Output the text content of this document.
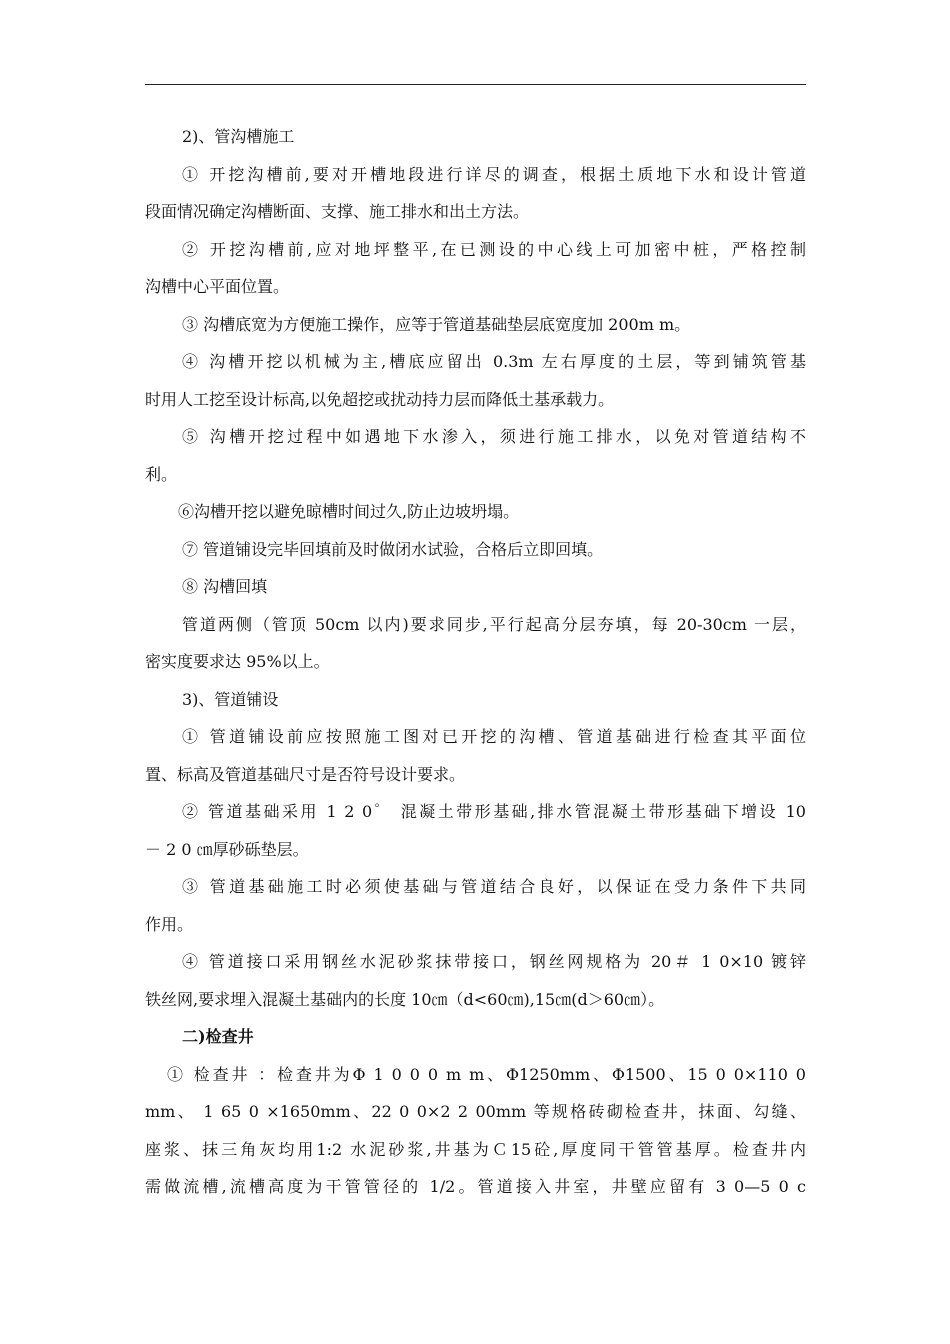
2)、管沟槽施工
① 开挖沟槽前,要对开槽地段进行详尽的调查，根据土质地下水和设计管道
段面情况确定沟槽断面、支撑、施工排水和出土方法。
② 开挖沟槽前,应对地坪整平,在已测设的中心线上可加密中桩，严格控制
沟槽中心平面位置。
③ 沟槽底宽为方便施工操作，应等于管道基础垫层底宽度加 200m m。
④ 沟槽开挖以机械为主,槽底应留出 0.3m 左右厚度的土层，等到铺筑管基
时用人工挖至设计标高,以免超挖或扰动持力层而降低土基承载力。
⑤ 沟槽开挖过程中如遇地下水渗入，须进行施工排水，以免对管道结构不
利。
⑥沟槽开挖以避免晾槽时间过久,防止边坡坍塌。
⑦ 管道铺设完毕回填前及时做闭水试验，合格后立即回填。
⑧ 沟槽回填
管道两侧（管顶 50cm 以内)要求同步,平行起高分层夯填，每 20-30cm 一层，
密实度要求达 95%以上。
3)、管道铺设
① 管道铺设前应按照施工图对已开挖的沟槽、管道基础进行检查其平面位
置、标高及管道基础尺寸是否符号设计要求。
② 管道基础采用 1 2 0゜ 混凝土带形基础,排水管混凝土带形基础下增设 10
－ 2 0 ㎝厚砂砾垫层。
③ 管道基础施工时必须使基础与管道结合良好，以保证在受力条件下共同
作用。
④ 管道接口采用钢丝水泥砂浆抹带接口，钢丝网规格为 20＃ 1 0×10 镀锌
铁丝网,要求埋入混凝土基础内的长度 10㎝（d<60㎝),15㎝(d＞60㎝）。
二)检查井
① 检查井 ：检查井为Φ 1 0 0 0 m m、Φ1250mm、Φ1500、15 0 0×110 0
mm、 1 65 0 ×1650mm、22 0 0×2 2 00mm 等规格砖砌检查井，抹面、勾缝、
座浆、抹三角灰均用1:2 水泥砂浆,井基为Ｃ15砼,厚度同干管管基厚。检查井内
需做流槽,流槽高度为干管管径的 1/2。管道接入井室，井壁应留有 3 0—5 0 c
